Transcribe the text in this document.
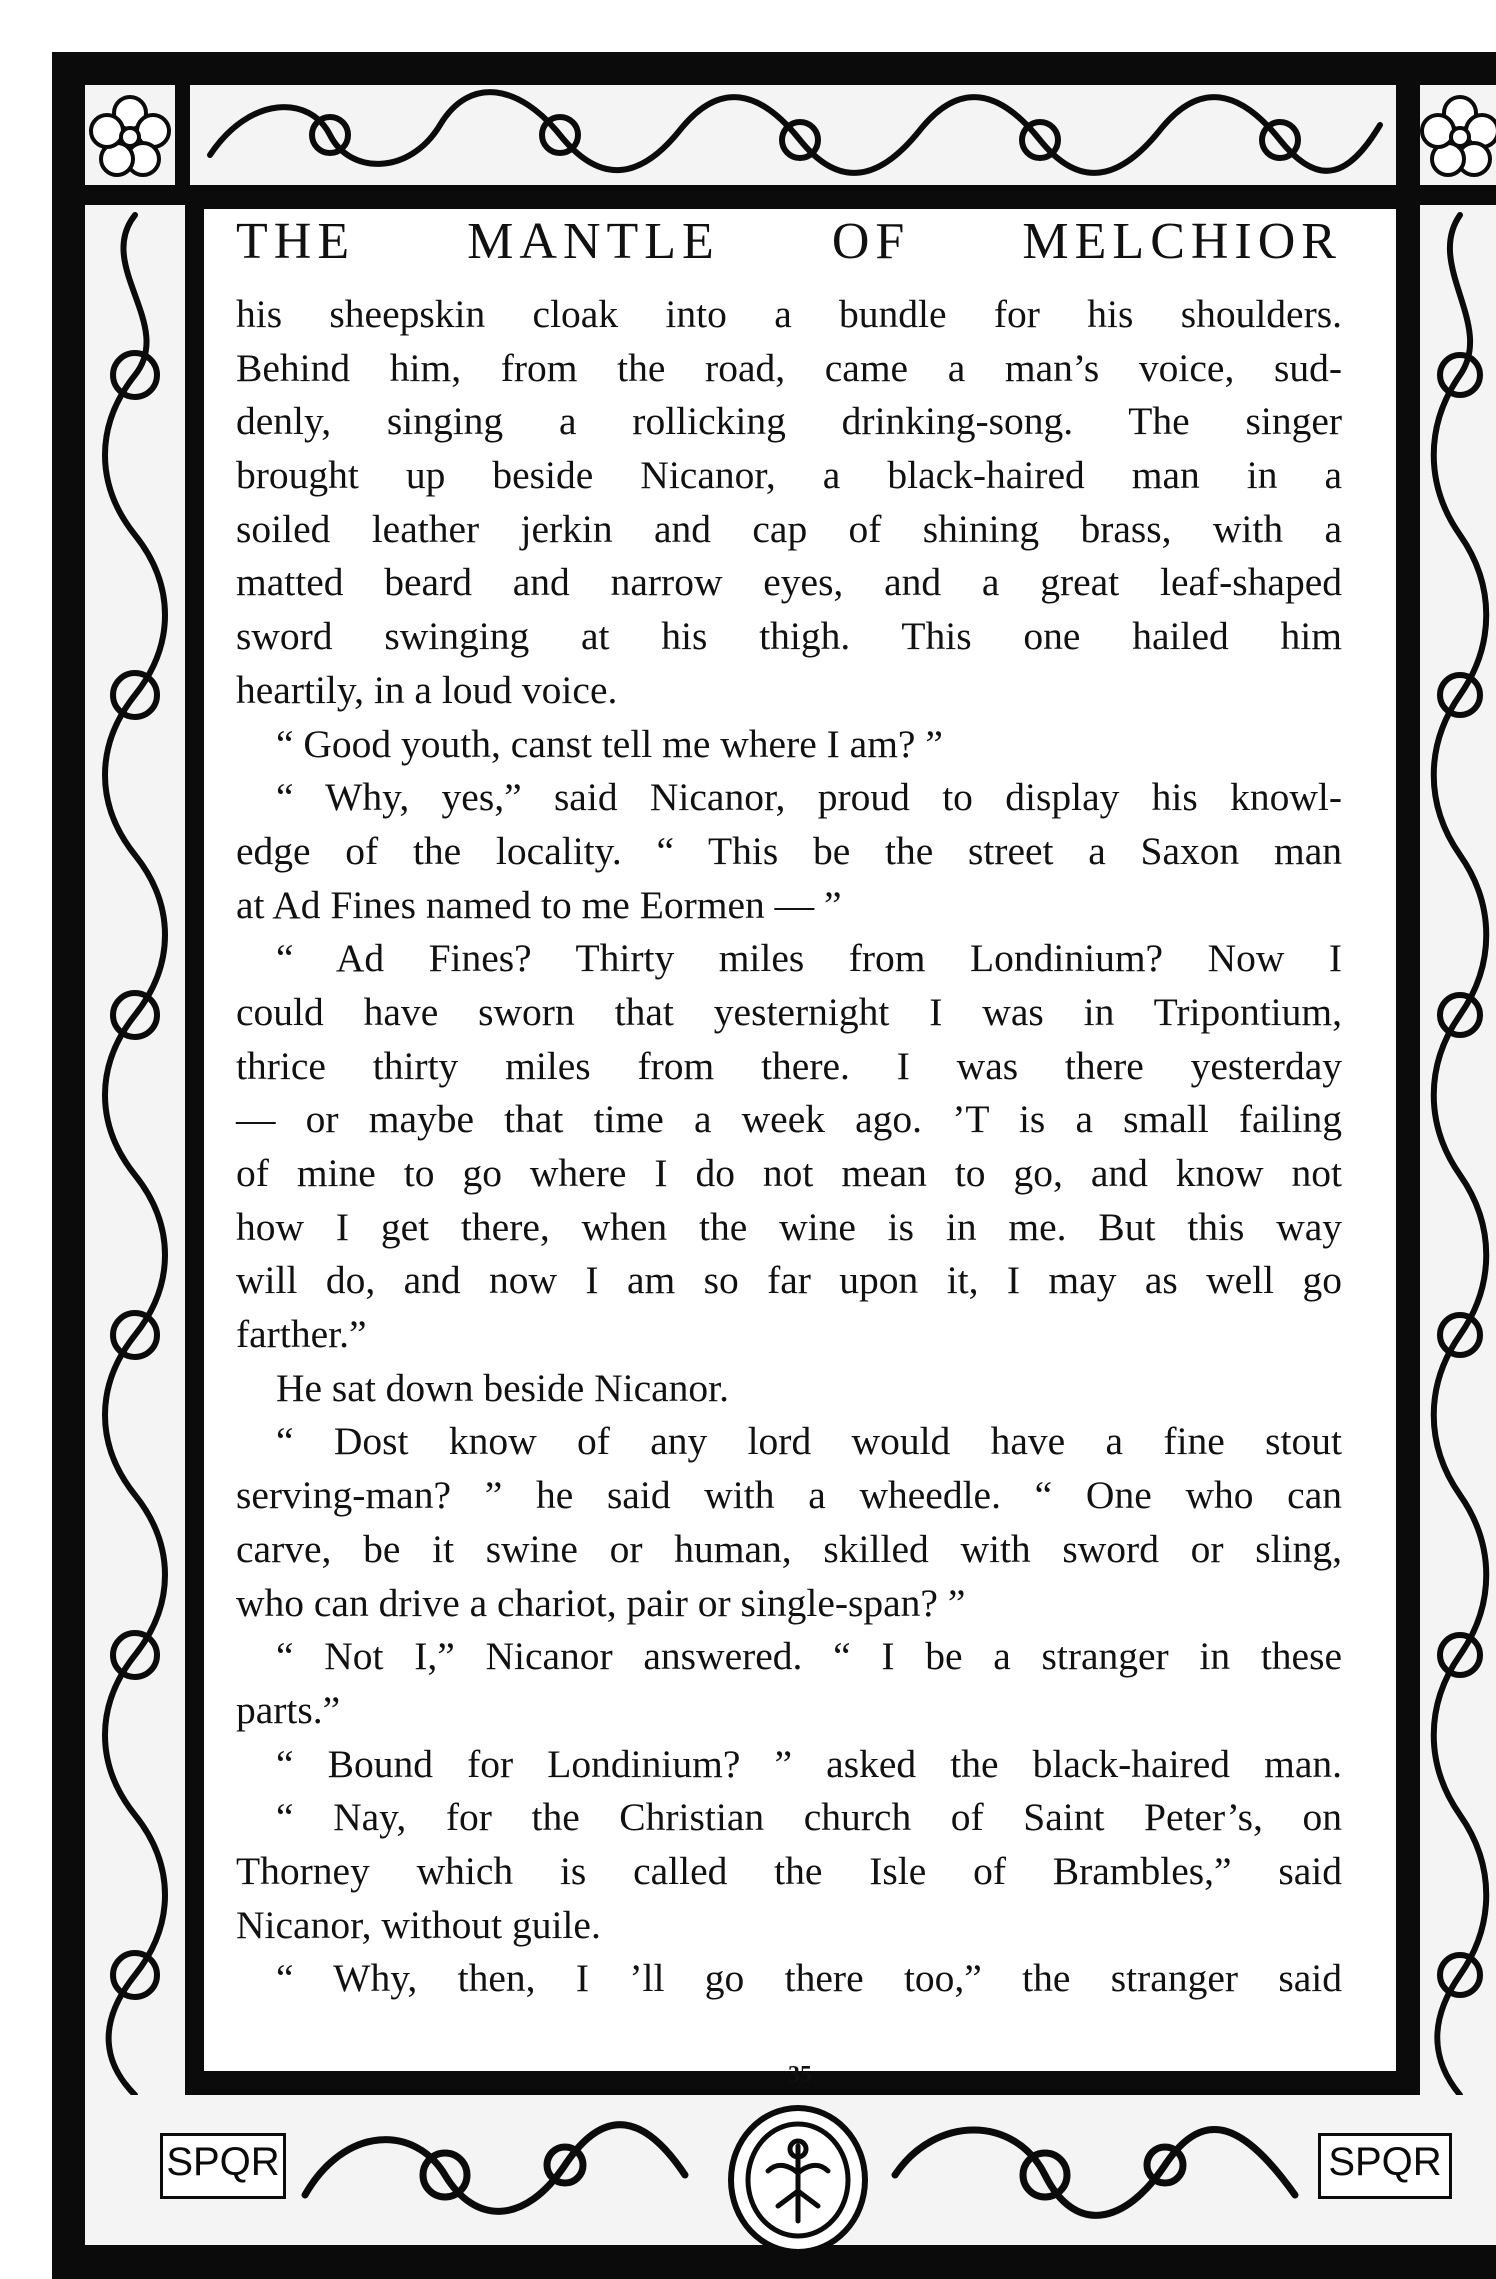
SPQR	SPQR
THE MANTLE OF MELCHIOR
his sheepskin cloak into a bundle for his shoulders.
Behind him, from the road, came a man’s voice, sud-
denly, singing a rollicking drinking-song. The singer
brought up beside Nicanor, a black-haired man in a
soiled leather jerkin and cap of shining brass, with a
matted beard and narrow eyes, and a great leaf-shaped
sword swinging at his thigh. This one hailed him
heartily, in a loud voice.
“ Good youth, canst tell me where I am? ”
“ Why, yes,” said Nicanor, proud to display his knowl-
edge of the locality. “ This be the street a Saxon man
at Ad Fines named to me Eormen — ”
“ Ad Fines? Thirty miles from Londinium? Now I
could have sworn that yesternight I was in Tripontium,
thrice thirty miles from there. I was there yesterday
— or maybe that time a week ago. ’T is a small failing
of mine to go where I do not mean to go, and know not
how I get there, when the wine is in me. But this way
will do, and now I am so far upon it, I may as well go
farther.”
He sat down beside Nicanor.
“ Dost know of any lord would have a fine stout
serving-man? ” he said with a wheedle. “ One who can
carve, be it swine or human, skilled with sword or sling,
who can drive a chariot, pair or single-span? ”
“ Not I,” Nicanor answered. “ I be a stranger in these
parts.”
“ Bound for Londinium? ” asked the black-haired man.
“ Nay, for the Christian church of Saint Peter’s, on
Thorney which is called the Isle of Brambles,” said
Nicanor, without guile.
“ Why, then, I ’ll go there too,” the stranger said
35
